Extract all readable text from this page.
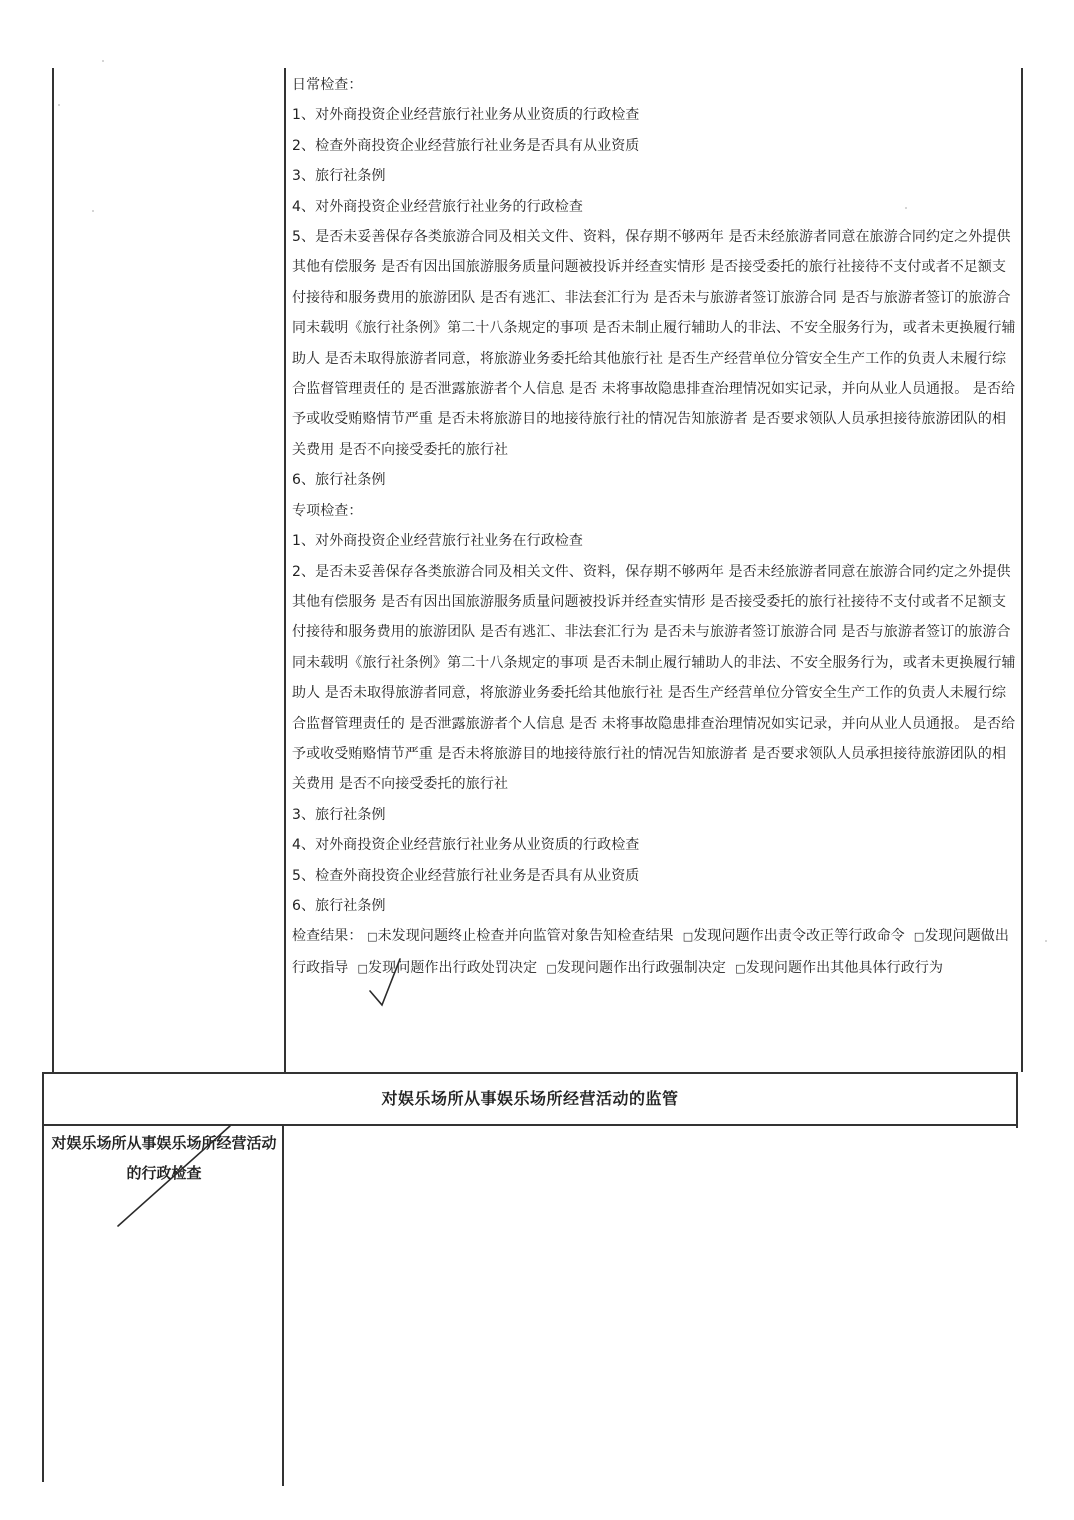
日常检查：

1、对外商投资企业经营旅行社业务从业资质的行政检查

2、检查外商投资企业经营旅行社业务是否具有从业资质

3、旅行社条例

4、对外商投资企业经营旅行社业务的行政检查

5、是否未妥善保存各类旅游合同及相关文件、资料，保存期不够两年 是否未经旅游者同意在旅游合同约定之外提供其他有偿服务 是否有因出国旅游服务质量问题被投诉并经查实情形 是否接受委托的旅行社接待不支付或者不足额支付接待和服务费用的旅游团队 是否有逃汇、非法套汇行为 是否未与旅游者签订旅游合同 是否与旅游者签订的旅游合同未载明《旅行社条例》第二十八条规定的事项 是否未制止履行辅助人的非法、不安全服务行为，或者未更换履行辅助人 是否未取得旅游者同意，将旅游业务委托给其他旅行社 是否生产经营单位分管安全生产工作的负责人未履行综合监督管理责任的 是否泄露旅游者个人信息 是否 未将事故隐患排查治理情况如实记录，并向从业人员通报。 是否给予或收受贿赂情节严重 是否未将旅游目的地接待旅行社的情况告知旅游者 是否要求领队人员承担接待旅游团队的相关费用 是否不向接受委托的旅行社

6、旅行社条例

专项检查：

1、对外商投资企业经营旅行社业务在行政检查

2、是否未妥善保存各类旅游合同及相关文件、资料，保存期不够两年 是否未经旅游者同意在旅游合同约定之外提供其他有偿服务 是否有因出国旅游服务质量问题被投诉并经查实情形 是否接受委托的旅行社接待不支付或者不足额支付接待和服务费用的旅游团队 是否有逃汇、非法套汇行为 是否未与旅游者签订旅游合同 是否与旅游者签订的旅游合同未载明《旅行社条例》第二十八条规定的事项 是否未制止履行辅助人的非法、不安全服务行为，或者未更换履行辅助人 是否未取得旅游者同意，将旅游业务委托给其他旅行社 是否生产经营单位分管安全生产工作的负责人未履行综合监督管理责任的 是否泄露旅游者个人信息 是否 未将事故隐患排查治理情况如实记录，并向从业人员通报。 是否给予或收受贿赂情节严重 是否未将旅游目的地接待旅行社的情况告知旅游者 是否要求领队人员承担接待旅游团队的相关费用 是否不向接受委托的旅行社

3、旅行社条例

4、对外商投资企业经营旅行社业务从业资质的行政检查

5、检查外商投资企业经营旅行社业务是否具有从业资质

6、旅行社条例

检查结果： □未发现问题终止检查并向监管对象告知检查结果 □发现问题作出责令改正等行政命令 □发现问题做出行政指导 □发现问题作出行政处罚决定 □发现问题作出行政强制决定 □发现问题作出其他具体行政行为

对娱乐场所从事娱乐场所经营活动的监管
对娱乐场所从事娱乐场所经营活动的行政检查
